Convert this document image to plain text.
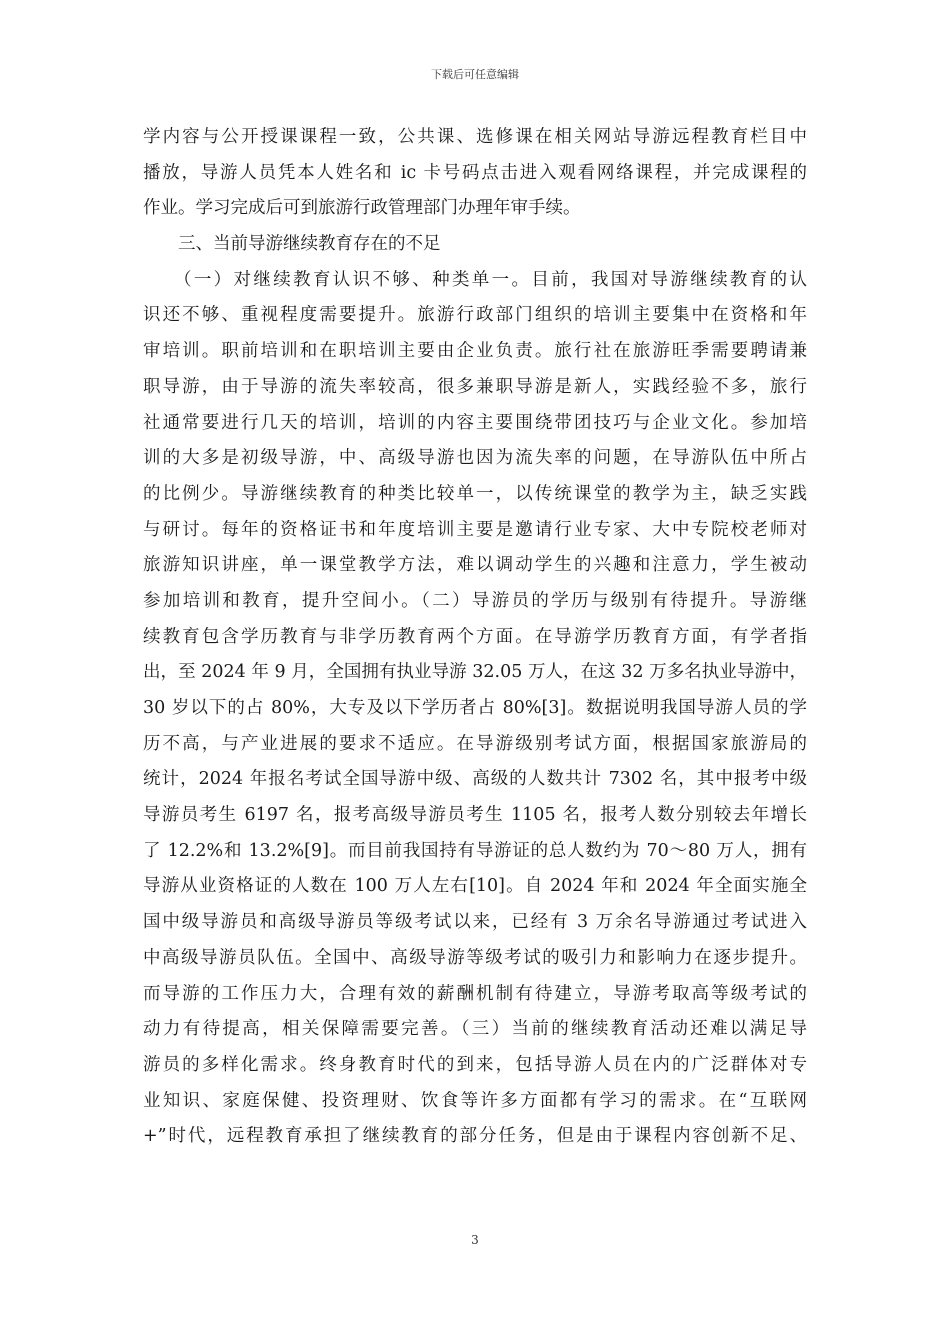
下载后可任意编辑
学内容与公开授课课程一致，公共课、选修课在相关网站导游远程教育栏目中
播放，导游人员凭本人姓名和 ic 卡号码点击进入观看网络课程，并完成课程的
作业。学习完成后可到旅游行政管理部门办理年审手续。
　　三、当前导游继续教育存在的不足
　　（一）对继续教育认识不够、种类单一。目前，我国对导游继续教育的认
识还不够、重视程度需要提升。旅游行政部门组织的培训主要集中在资格和年
审培训。职前培训和在职培训主要由企业负责。旅行社在旅游旺季需要聘请兼
职导游，由于导游的流失率较高，很多兼职导游是新人，实践经验不多，旅行
社通常要进行几天的培训，培训的内容主要围绕带团技巧与企业文化。参加培
训的大多是初级导游，中、高级导游也因为流失率的问题，在导游队伍中所占
的比例少。导游继续教育的种类比较单一，以传统课堂的教学为主，缺乏实践
与研讨。每年的资格证书和年度培训主要是邀请行业专家、大中专院校老师对
旅游知识讲座，单一课堂教学方法，难以调动学生的兴趣和注意力，学生被动
参加培训和教育，提升空间小。（二）导游员的学历与级别有待提升。导游继
续教育包含学历教育与非学历教育两个方面。在导游学历教育方面，有学者指
出，至 2024 年 9 月，全国拥有执业导游 32.05 万人，在这 32 万多名执业导游中，
30 岁以下的占 80%，大专及以下学历者占 80%[3]。数据说明我国导游人员的学
历不高，与产业进展的要求不适应。在导游级别考试方面，根据国家旅游局的
统计，2024 年报名考试全国导游中级、高级的人数共计 7302 名，其中报考中级
导游员考生 6197 名，报考高级导游员考生 1105 名，报考人数分别较去年增长
了 12.2%和 13.2%[9]。而目前我国持有导游证的总人数约为 70～80 万人，拥有
导游从业资格证的人数在 100 万人左右[10]。自 2024 年和 2024 年全面实施全
国中级导游员和高级导游员等级考试以来，已经有 3 万余名导游通过考试进入
中高级导游员队伍。全国中、高级导游等级考试的吸引力和影响力在逐步提升。
而导游的工作压力大，合理有效的薪酬机制有待建立，导游考取高等级考试的
动力有待提高，相关保障需要完善。（三）当前的继续教育活动还难以满足导
游员的多样化需求。终身教育时代的到来，包括导游人员在内的广泛群体对专
业知识、家庭保健、投资理财、饮食等许多方面都有学习的需求。在“互联网
+”时代，远程教育承担了继续教育的部分任务，但是由于课程内容创新不足、
3
